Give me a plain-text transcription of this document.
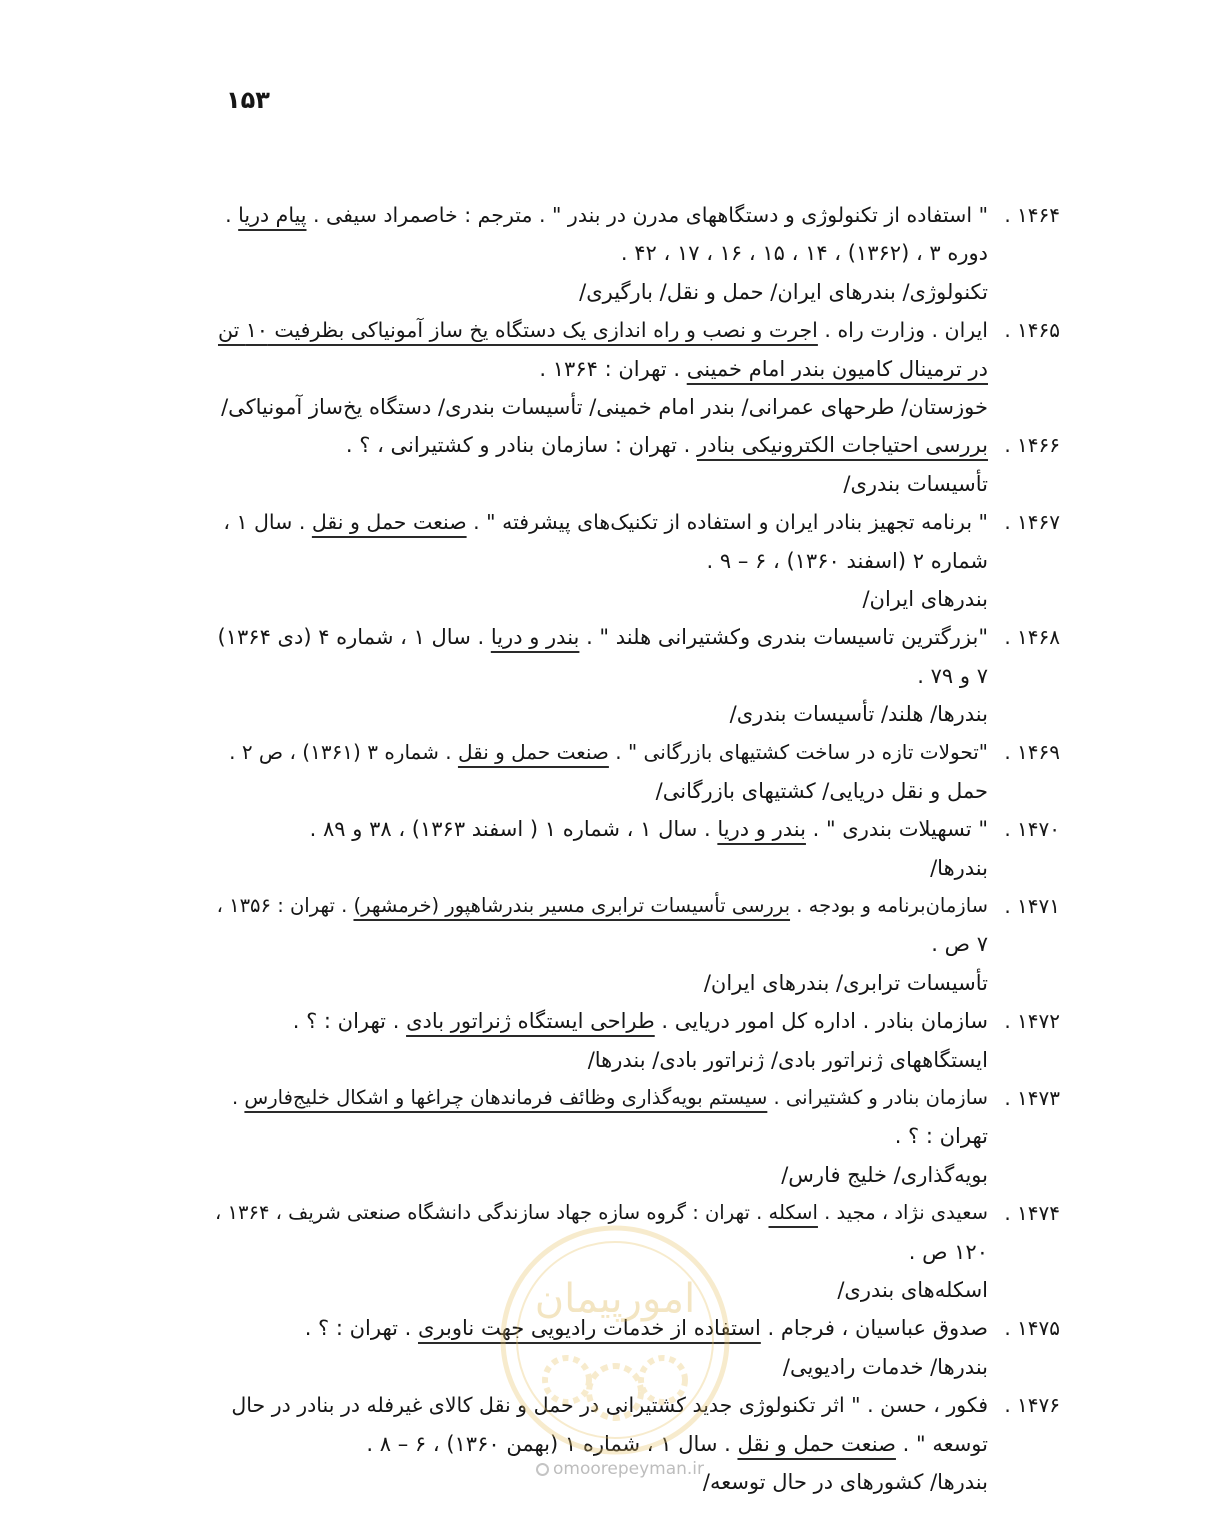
۱۵۳
۱۴۶۴ .
" استفاده از تکنولوژی و دستگاههای مدرن در بندر " . مترجم : خاصمراد سیفی . پیام دریا .
دوره ۳ ، (۱۳۶۲) ، ۱۴ ، ۱۵ ، ۱۶ ، ۱۷ ، ۴۲ .
تکنولوژی/ بندرهای ایران/ حمل و نقل/ بارگیری/
۱۴۶۵ .
ایران . وزارت راه . اجرت و نصب و راه اندازی یک دستگاه یخ ساز آمونیاکی بظرفیت ۱۰ تن
در ترمینال کامیون بندر امام خمینی . تهران : ۱۳۶۴ .
خوزستان/ طرحهای عمرانی/ بندر امام خمینی/ تأسیسات بندری/ دستگاه یخ‌ساز آمونیاکی/
۱۴۶۶ .
بررسی احتیاجات الکترونیکی بنادر . تهران : سازمان بنادر و کشتیرانی ، ؟ .
تأسیسات بندری/
۱۴۶۷ .
" برنامه تجهیز بنادر ایران و استفاده از تکنیک‌های پیشرفته " . صنعت حمل و نقل . سال ۱ ،
شماره ۲ (اسفند ۱۳۶۰) ، ۶ – ۹ .
بندرهای ایران/
۱۴۶۸ .
"بزرگترین تاسیسات بندری وکشتیرانی هلند " . بندر و دریا . سال ۱ ، شماره ۴ (دی ۱۳۶۴)
۷ و ۷۹ .
بندرها/ هلند/ تأسیسات بندری/
۱۴۶۹ .
"تحولات تازه در ساخت کشتیهای بازرگانی " . صنعت حمل و نقل . شماره ۳ (۱۳۶۱) ، ص ۲ .
حمل و نقل دریایی/ کشتیهای بازرگانی/
۱۴۷۰ .
" تسهیلات بندری " . بندر و دریا . سال ۱ ، شماره ۱ ( اسفند ۱۳۶۳) ، ۳۸ و ۸۹ .
بندرها/
۱۴۷۱ .
سازمان‌برنامه و بودجه . بررسی تأسیسات ترابری مسیر بندرشاهپور (خرمشهر) . تهران : ۱۳۵۶ ،
۷ ص .
تأسیسات ترابری/ بندرهای ایران/
۱۴۷۲ .
سازمان بنادر . اداره کل امور دریایی . طراحی ایستگاه ژنراتور بادی . تهران : ؟ .
ایستگاههای ژنراتور بادی/ ژنراتور بادی/ بندرها/
۱۴۷۳ .
سازمان بنادر و کشتیرانی . سیستم بویه‌گذاری وظائف فرماندهان چراغها و اشکال خلیج‌فارس .
تهران : ؟ .
بویه‌گذاری/ خلیج فارس/
۱۴۷۴ .
سعیدی نژاد ، مجید . اسکله . تهران : گروه سازه جهاد سازندگی دانشگاه صنعتی شریف ، ۱۳۶۴ ،
۱۲۰ ص .
اسکله‌های بندری/
۱۴۷۵ .
صدوق عباسیان ، فرجام . استفاده از خدمات رادیویی جهت ناوبری . تهران : ؟ .
بندرها/ خدمات رادیویی/
۱۴۷۶ .
فکور ، حسن . " اثر تکنولوژی جدید کشتیرانی در حمل و نقل کالای غیرفله در بنادر در حال
توسعه " . صنعت حمل و نقل . سال ۱ ، شماره ۱ (بهمن ۱۳۶۰) ، ۶ – ۸ .
بندرها/ کشورهای در حال توسعه/
امورپیمان
omoorepeyman.ir
